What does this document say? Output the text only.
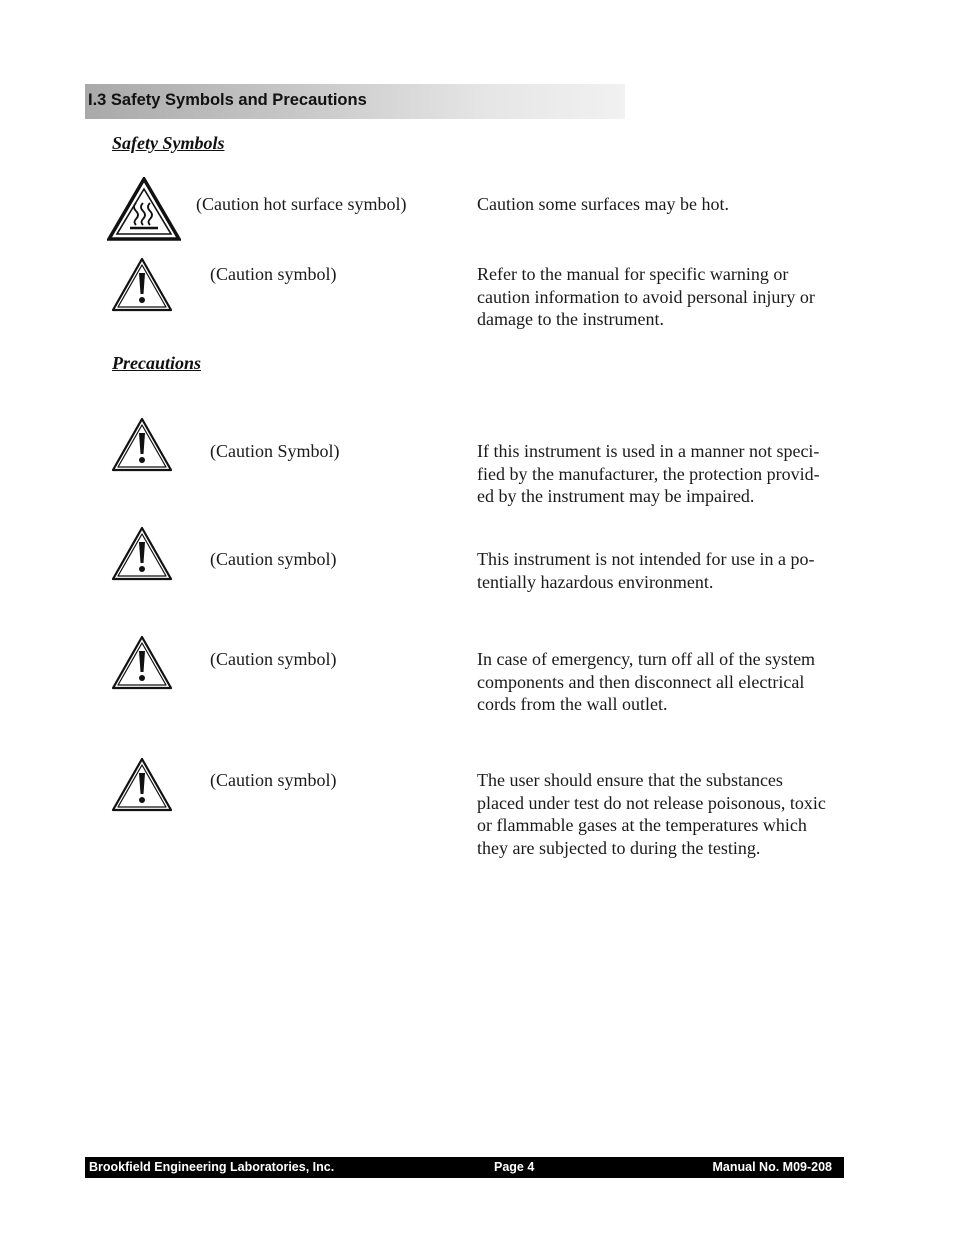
I.3 Safety Symbols and Precautions
Safety Symbols
(Caution hot surface symbol)	Caution some surfaces may be hot.
(Caution symbol)	Refer to the manual for specific warning or
caution information to avoid personal injury or
damage to the instrument.
Precautions
(Caution Symbol)	If this instrument is used in a manner not speci-
fied by the manufacturer, the protection provid-
ed by the instrument may be impaired.
(Caution symbol)	This instrument is not intended for use in a po-
tentially hazardous environment.
(Caution symbol)	In case of emergency, turn off all of the system
components and then disconnect all electrical
cords from the wall outlet.
(Caution symbol)	The user should ensure that the substances
placed under test do not release poisonous, toxic
or flammable gases at the temperatures which
they are subjected to during the testing.
Brookfield Engineering Laboratories, Inc.	Page 4	Manual No. M09-208
